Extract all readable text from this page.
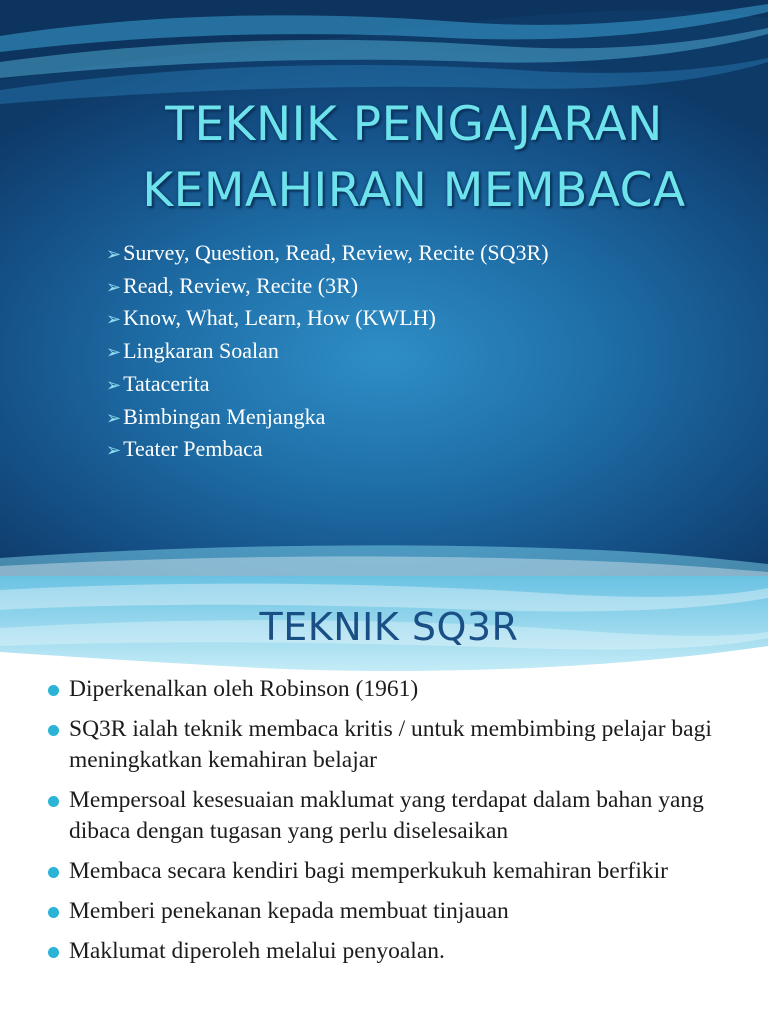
TEKNIK PENGAJARAN
KEMAHIRAN MEMBACA
➢Survey, Question, Read, Review, Recite (SQ3R)
➢Read, Review, Recite (3R)
➢Know, What, Learn, How (KWLH)
➢Lingkaran Soalan
➢Tatacerita
➢Bimbingan Menjangka
➢Teater Pembaca
TEKNIK SQ3R
Diperkenalkan oleh Robinson (1961)
SQ3R ialah teknik membaca kritis / untuk membimbing pelajar bagi meningkatkan kemahiran belajar
Mempersoal kesesuaian maklumat yang terdapat dalam bahan yang dibaca dengan tugasan yang perlu diselesaikan
Membaca secara kendiri bagi memperkukuh kemahiran berfikir
Memberi penekanan kepada membuat tinjauan
Maklumat diperoleh melalui penyoalan.
